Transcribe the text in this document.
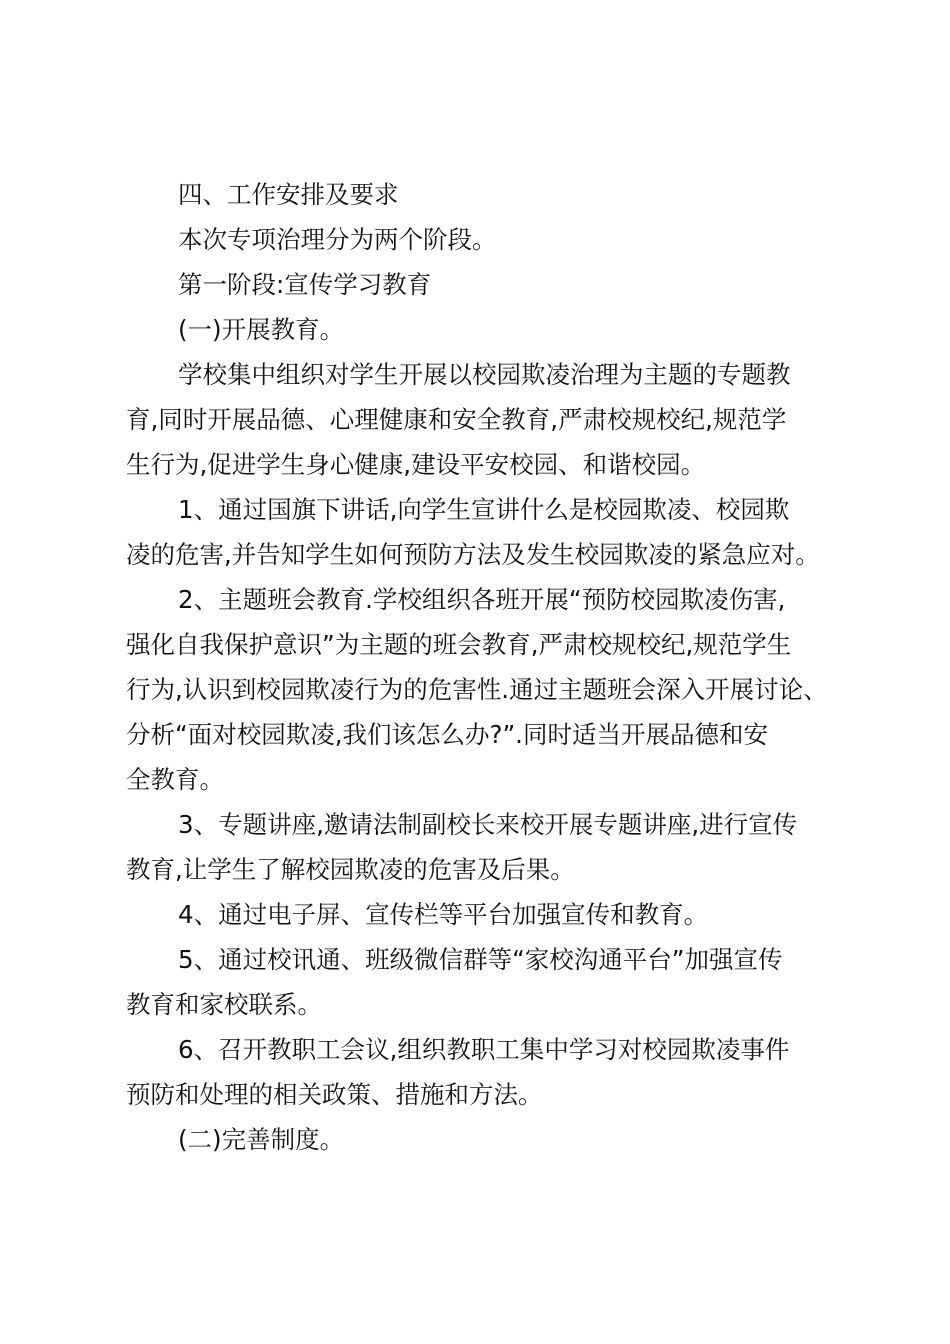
四、工作安排及要求
本次专项治理分为两个阶段。
第一阶段:宣传学习教育
(一)开展教育。
学校集中组织对学生开展以校园欺凌治理为主题的专题教
育,同时开展品德、心理健康和安全教育,严肃校规校纪,规范学
生行为,促进学生身心健康,建设平安校园、和谐校园。
1、通过国旗下讲话,向学生宣讲什么是校园欺凌、校园欺
凌的危害,并告知学生如何预防方法及发生校园欺凌的紧急应对。
2、主题班会教育.学校组织各班开展“预防校园欺凌伤害,
强化自我保护意识”为主题的班会教育,严肃校规校纪,规范学生
行为,认识到校园欺凌行为的危害性.通过主题班会深入开展讨论、
分析“面对校园欺凌,我们该怎么办?”.同时适当开展品德和安
全教育。
3、专题讲座,邀请法制副校长来校开展专题讲座,进行宣传
教育,让学生了解校园欺凌的危害及后果。
4、通过电子屏、宣传栏等平台加强宣传和教育。
5、通过校讯通、班级微信群等“家校沟通平台”加强宣传
教育和家校联系。
6、召开教职工会议,组织教职工集中学习对校园欺凌事件
预防和处理的相关政策、措施和方法。
(二)完善制度。
